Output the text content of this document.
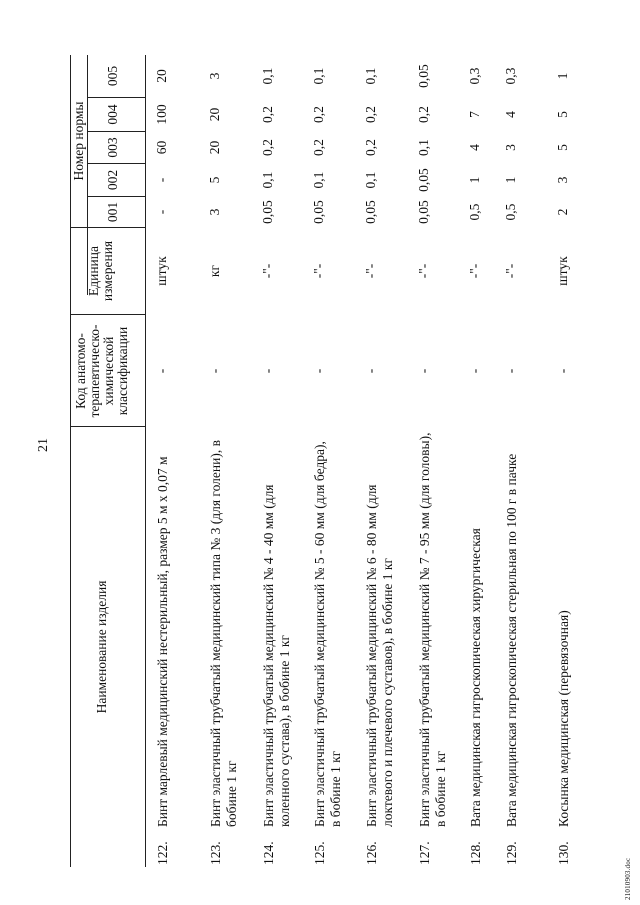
21
Наименование изделия
Код анатомо-терапевтическо-химической классификации
Единица измерения
Номер нормы
001
002
003
004
005
122.
Бинт марлевый медицинский нестерильный, размер 5 м х 0,07 м
-
штук
-
-
60
100
20
123.
Бинт эластичный трубчатый медицинский типа № 3 (для голени), в бобине 1 кг
-
кг
3
5
20
20
3
124.
Бинт эластичный трубчатый медицинский № 4 - 40 мм (для коленного сустава), в бобине 1 кг
-
-"-
0,05
0,1
0,2
0,2
0,1
125.
Бинт эластичный трубчатый медицинский № 5 - 60 мм (для бедра), в бобине 1 кг
-
-"-
0,05
0,1
0,2
0,2
0,1
126.
Бинт эластичный трубчатый медицинский № 6 - 80 мм (для локтевого и плечевого суставов), в бобине 1 кг
-
-"-
0,05
0,1
0,2
0,2
0,1
127.
Бинт эластичный трубчатый медицинский № 7 - 95 мм (для головы), в бобине 1 кг
-
-"-
0,05
0,05
0,1
0,2
0,05
128.
Вата медицинская гигроскопическая хирургическая
-
-"-
0,5
1
4
7
0,3
129.
Вата медицинская гигроскопическая стерильная по 100 г в пачке
-
-"-
0,5
1
3
4
0,3
130.
Косынка медицинская (перевязочная)
-
штук
2
3
5
5
1
21010903.doc
